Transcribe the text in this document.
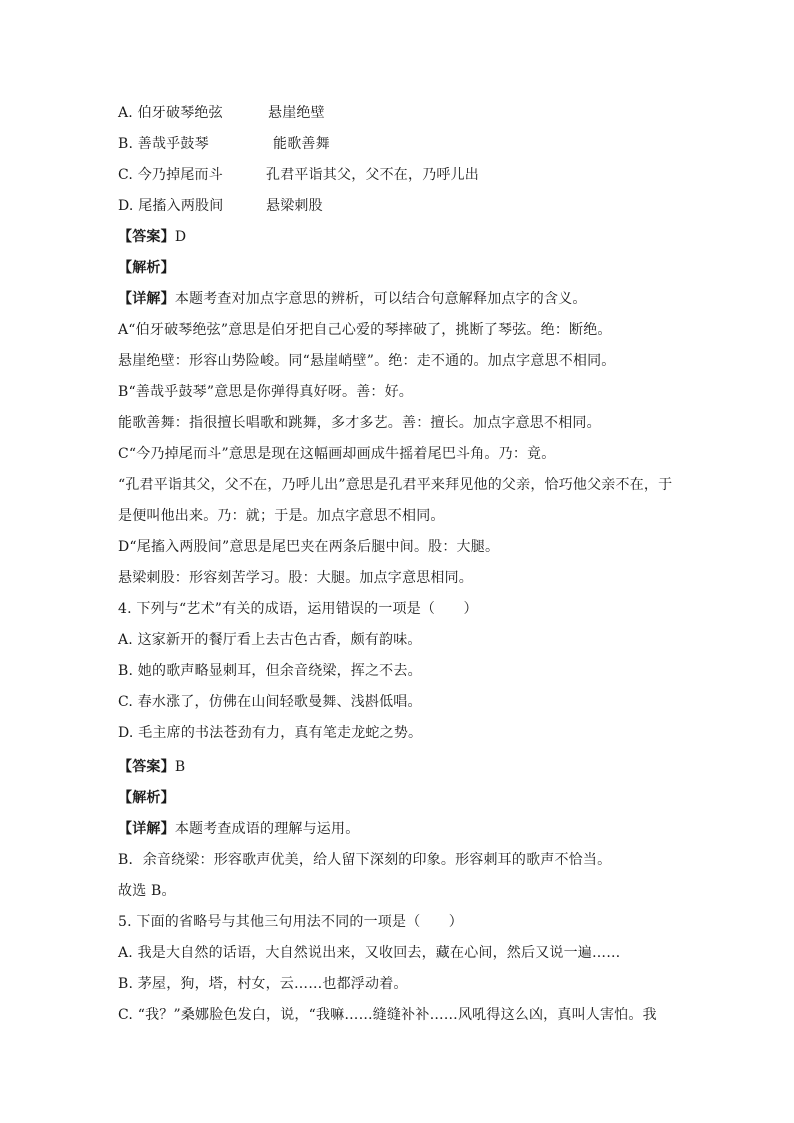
A. 伯牙破琴绝弦	悬崖绝壁
B. 善哉乎鼓琴	能歌善舞
C. 今乃掉尾而斗	孔君平诣其父，父不在，乃呼儿出
D. 尾搐入两股间	悬梁刺股
【答案】D
【解析】
【详解】本题考查对加点字意思的辨析，可以结合句意解释加点字的含义。
A“伯牙破琴绝弦”意思是伯牙把自己心爱的琴摔破了，挑断了琴弦。绝：断绝。
悬崖绝壁：形容山势险峻。同“悬崖峭壁”。绝：走不通的。加点字意思不相同。
B“善哉乎鼓琴”意思是你弹得真好呀。善：好。
能歌善舞：指很擅长唱歌和跳舞，多才多艺。善：擅长。加点字意思不相同。
C“今乃掉尾而斗”意思是现在这幅画却画成牛摇着尾巴斗角。乃：竟。
“孔君平诣其父，父不在，乃呼儿出”意思是孔君平来拜见他的父亲，恰巧他父亲不在，于
是便叫他出来。乃：就；于是。加点字意思不相同。
D“尾搐入两股间”意思是尾巴夹在两条后腿中间。股：大腿。
悬梁刺股：形容刻苦学习。股：大腿。加点字意思相同。
4. 下列与“艺术”有关的成语，运用错误的一项是（　　）
A. 这家新开的餐厅看上去古色古香，颇有韵味。
B. 她的歌声略显刺耳，但余音绕梁，挥之不去。
C. 春水涨了，仿佛在山间轻歌曼舞、浅斟低唱。
D. 毛主席的书法苍劲有力，真有笔走龙蛇之势。
【答案】B
【解析】
【详解】本题考查成语的理解与运用。
B．余音绕梁：形容歌声优美，给人留下深刻的印象。形容刺耳的歌声不恰当。
故选 B。
5. 下面的省略号与其他三句用法不同的一项是（　　）
A. 我是大自然的话语，大自然说出来，又收回去，藏在心间，然后又说一遍……
B. 茅屋，狗，塔，村女，云……也都浮动着。
C. “我？”桑娜脸色发白，说，“我嘛……缝缝补补……风吼得这么凶，真叫人害怕。我
